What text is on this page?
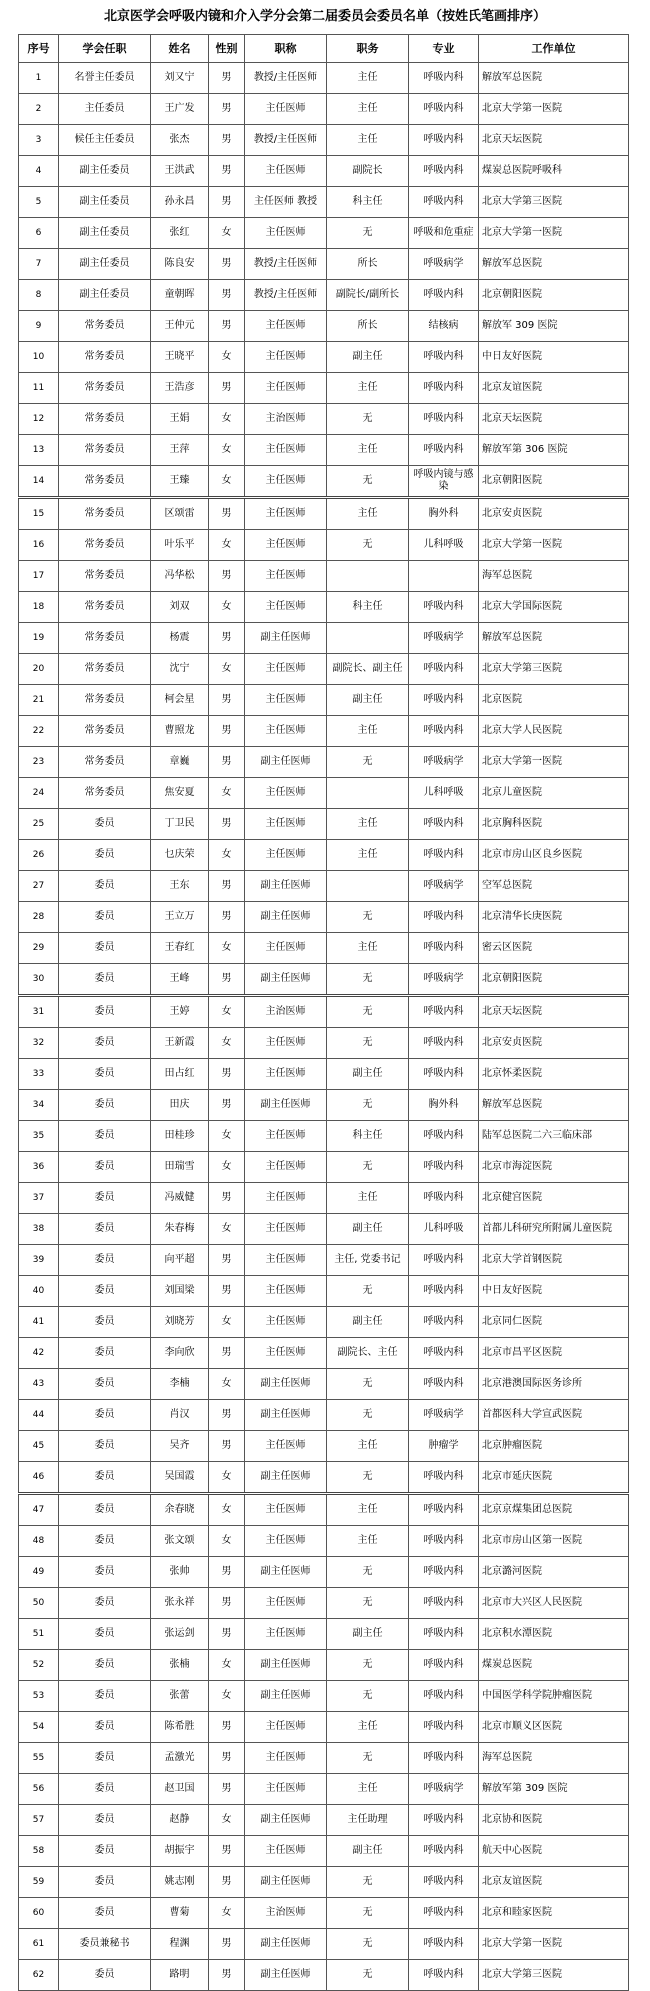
北京医学会呼吸内镜和介入学分会第二届委员会委员名单（按姓氏笔画排序）
序号	学会任职	姓名	性别	职称	职务	专业	工作单位
1	名誉主任委员	刘又宁	男	教授/主任医师	主任	呼吸内科	解放军总医院
2	主任委员	王广发	男	主任医师	主任	呼吸内科	北京大学第一医院
3	候任主任委员	张杰	男	教授/主任医师	主任	呼吸内科	北京天坛医院
4	副主任委员	王洪武	男	主任医师	副院长	呼吸内科	煤炭总医院呼吸科
5	副主任委员	孙永昌	男	主任医师 教授	科主任	呼吸内科	北京大学第三医院
6	副主任委员	张红	女	主任医师	无	呼吸和危重症	北京大学第一医院
7	副主任委员	陈良安	男	教授/主任医师	所长	呼吸病学	解放军总医院
8	副主任委员	童朝晖	男	教授/主任医师	副院长/副所长	呼吸内科	北京朝阳医院
9	常务委员	王仲元	男	主任医师	所长	结核病	解放军 309 医院
10	常务委员	王晓平	女	主任医师	副主任	呼吸内科	中日友好医院
11	常务委员	王浩彦	男	主任医师	主任	呼吸内科	北京友谊医院
12	常务委员	王娟	女	主治医师	无	呼吸内科	北京天坛医院
13	常务委员	王萍	女	主任医师	主任	呼吸内科	解放军第 306 医院
14	常务委员	王臻	女	主任医师	无	呼吸内镜与感染	北京朝阳医院
15	常务委员	区颂雷	男	主任医师	主任	胸外科	北京安贞医院
16	常务委员	叶乐平	女	主任医师	无	儿科呼吸	北京大学第一医院
17	常务委员	冯华松	男	主任医师			海军总医院
18	常务委员	刘双	女	主任医师	科主任	呼吸内科	北京大学国际医院
19	常务委员	杨震	男	副主任医师		呼吸病学	解放军总医院
20	常务委员	沈宁	女	主任医师	副院长、副主任	呼吸内科	北京大学第三医院
21	常务委员	柯会星	男	主任医师	副主任	呼吸内科	北京医院
22	常务委员	曹照龙	男	主任医师	主任	呼吸内科	北京大学人民医院
23	常务委员	章巍	男	副主任医师	无	呼吸病学	北京大学第一医院
24	常务委员	焦安夏	女	主任医师		儿科呼吸	北京儿童医院
25	委员	丁卫民	男	主任医师	主任	呼吸内科	北京胸科医院
26	委员	乜庆荣	女	主任医师	主任	呼吸内科	北京市房山区良乡医院
27	委员	王东	男	副主任医师		呼吸病学	空军总医院
28	委员	王立万	男	副主任医师	无	呼吸内科	北京清华长庚医院
29	委员	王春红	女	主任医师	主任	呼吸内科	密云区医院
30	委员	王峰	男	副主任医师	无	呼吸病学	北京朝阳医院
31	委员	王婷	女	主治医师	无	呼吸内科	北京天坛医院
32	委员	王新霞	女	主任医师	无	呼吸内科	北京安贞医院
33	委员	田占红	男	主任医师	副主任	呼吸内科	北京怀柔医院
34	委员	田庆	男	副主任医师	无	胸外科	解放军总医院
35	委员	田桂珍	女	主任医师	科主任	呼吸内科	陆军总医院二六三临床部
36	委员	田瑞雪	女	主任医师	无	呼吸内科	北京市海淀医院
37	委员	冯威健	男	主任医师	主任	呼吸内科	北京健宫医院
38	委员	朱春梅	女	主任医师	副主任	儿科呼吸	首都儿科研究所附属儿童医院
39	委员	向平超	男	主任医师	主任, 党委书记	呼吸内科	北京大学首钢医院
40	委员	刘国梁	男	主任医师	无	呼吸内科	中日友好医院
41	委员	刘晓芳	女	主任医师	副主任	呼吸内科	北京同仁医院
42	委员	李向欣	男	主任医师	副院长、主任	呼吸内科	北京市昌平区医院
43	委员	李楠	女	副主任医师	无	呼吸内科	北京港澳国际医务诊所
44	委员	肖汉	男	副主任医师	无	呼吸病学	首都医科大学宣武医院
45	委员	吴齐	男	主任医师	主任	肿瘤学	北京肿瘤医院
46	委员	吴国霞	女	副主任医师	无	呼吸内科	北京市延庆医院
47	委员	余春晓	女	主任医师	主任	呼吸内科	北京京煤集团总医院
48	委员	张文颂	女	主任医师	主任	呼吸内科	北京市房山区第一医院
49	委员	张帅	男	副主任医师	无	呼吸内科	北京潞河医院
50	委员	张永祥	男	主任医师	无	呼吸内科	北京市大兴区人民医院
51	委员	张运剑	男	主任医师	副主任	呼吸内科	北京积水潭医院
52	委员	张楠	女	副主任医师	无	呼吸内科	煤炭总医院
53	委员	张蕾	女	副主任医师	无	呼吸内科	中国医学科学院肿瘤医院
54	委员	陈希胜	男	主任医师	主任	呼吸内科	北京市顺义区医院
55	委员	孟激光	男	主任医师	无	呼吸内科	海军总医院
56	委员	赵卫国	男	主任医师	主任	呼吸病学	解放军第 309 医院
57	委员	赵静	女	副主任医师	主任助理	呼吸内科	北京协和医院
58	委员	胡振宇	男	主任医师	副主任	呼吸内科	航天中心医院
59	委员	姚志刚	男	副主任医师	无	呼吸内科	北京友谊医院
60	委员	曹菊	女	主治医师	无	呼吸内科	北京和睦家医院
61	委员兼秘书	程渊	男	副主任医师	无	呼吸内科	北京大学第一医院
62	委员	路明	男	副主任医师	无	呼吸内科	北京大学第三医院
